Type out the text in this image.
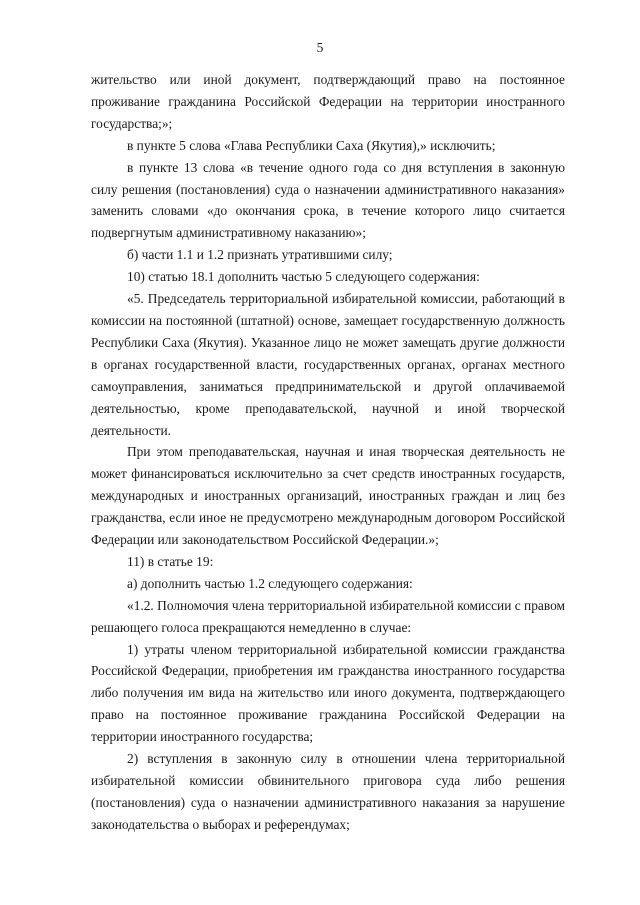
5

жительство или иной документ, подтверждающий право на постоянное проживание гражданина Российской Федерации на территории иностранного государства;»;

в пункте 5 слова «Глава Республики Саха (Якутия),» исключить;

в пункте 13 слова «в течение одного года со дня вступления в законную силу решения (постановления) суда о назначении административного наказания» заменить словами «до окончания срока, в течение которого лицо считается подвергнутым административному наказанию»;

б) части 1.1 и 1.2 признать утратившими силу;

10) статью 18.1 дополнить частью 5 следующего содержания:

«5. Председатель территориальной избирательной комиссии, работающий в комиссии на постоянной (штатной) основе, замещает государственную должность Республики Саха (Якутия). Указанное лицо не может замещать другие должности в органах государственной власти, государственных органах, органах местного самоуправления, заниматься предпринимательской и другой оплачиваемой деятельностью, кроме преподавательской, научной и иной творческой деятельности.

При этом преподавательская, научная и иная творческая деятельность не может финансироваться исключительно за счет средств иностранных государств, международных и иностранных организаций, иностранных граждан и лиц без гражданства, если иное не предусмотрено международным договором Российской Федерации или законодательством Российской Федерации.»;

11) в статье 19:

а) дополнить частью 1.2 следующего содержания:

«1.2. Полномочия члена территориальной избирательной комиссии с правом решающего голоса прекращаются немедленно в случае:

1) утраты членом территориальной избирательной комиссии гражданства Российской Федерации, приобретения им гражданства иностранного государства либо получения им вида на жительство или иного документа, подтверждающего право на постоянное проживание гражданина Российской Федерации на территории иностранного государства;

2) вступления в законную силу в отношении члена территориальной избирательной комиссии обвинительного приговора суда либо решения (постановления) суда о назначении административного наказания за нарушение законодательства о выборах и референдумах;
